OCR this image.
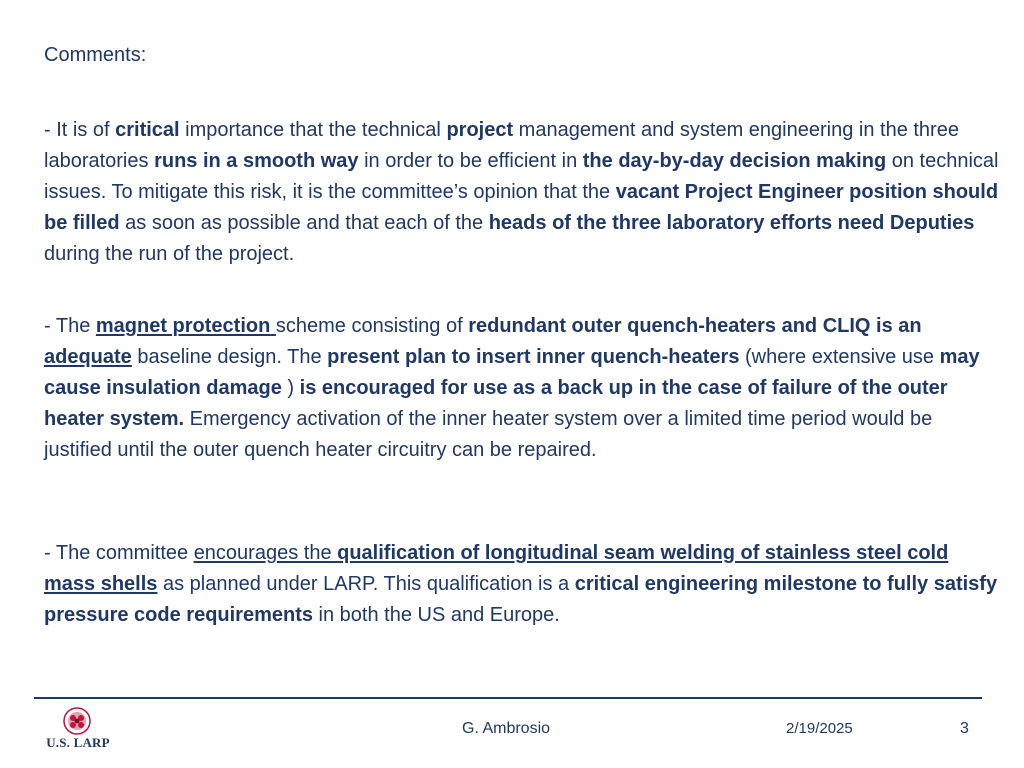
Comments:

- It is of critical importance that the technical project management and system engineering in the three laboratories runs in a smooth way in order to be efficient in the day-by-day decision making on technical issues. To mitigate this risk, it is the committee’s opinion that the vacant Project Engineer position should be filled as soon as possible and that each of the heads of the three laboratory efforts need Deputies during the run of the project.

- The magnet protection scheme consisting of redundant outer quench-heaters and CLIQ is an adequate baseline design. The present plan to insert inner quench-heaters (where extensive use may cause insulation damage ) is encouraged for use as a back up in the case of failure of the outer heater system. Emergency activation of the inner heater system over a limited time period would be justified until the outer quench heater circuitry can be repaired.

- The committee encourages the qualification of longitudinal seam welding of stainless steel cold mass shells as planned under LARP. This qualification is a critical engineering milestone to fully satisfy pressure code requirements in both the US and Europe.

U.S. LARP
G. Ambrosio	2/19/2025	3
